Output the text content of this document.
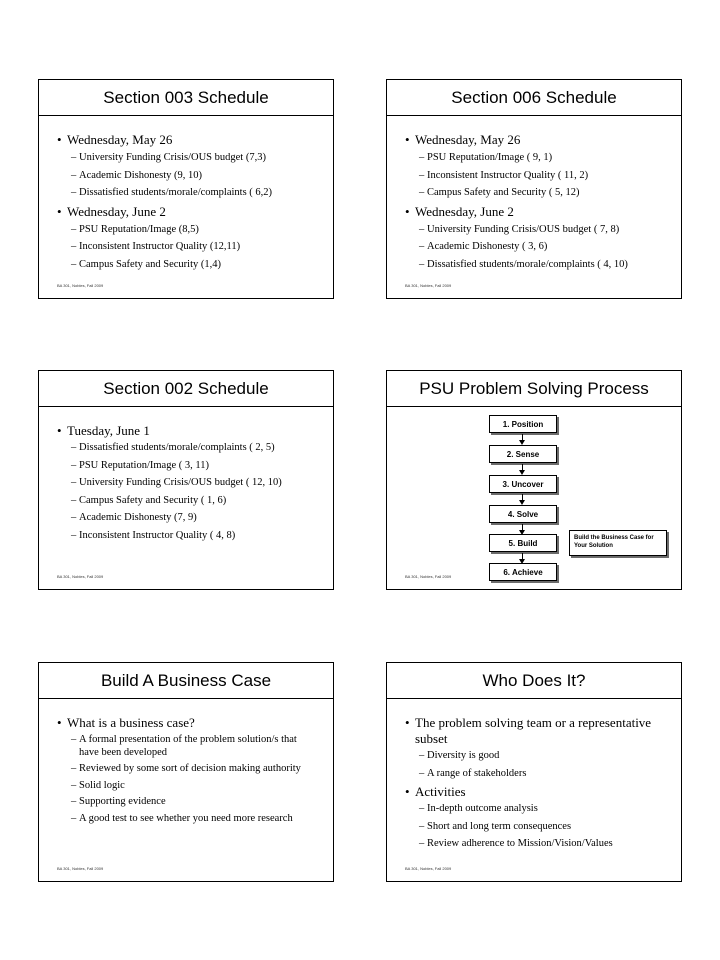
Section 003 Schedule
• Wednesday, May 26
– University Funding Crisis/OUS budget (7,3)
– Academic Dishonesty (9, 10)
– Dissatisfied students/morale/complaints ( 6,2)
• Wednesday, June 2
– PSU Reputation/Image (8,5)
– Inconsistent Instructor Quality (12,11)
– Campus Safety and Security (1,4)
BA 301, Nobles, Fall 2009
Section 006 Schedule
• Wednesday, May 26
– PSU Reputation/Image ( 9, 1)
– Inconsistent Instructor Quality ( 11, 2)
– Campus Safety and Security ( 5, 12)
• Wednesday, June 2
– University Funding Crisis/OUS budget ( 7, 8)
– Academic Dishonesty ( 3, 6)
– Dissatisfied students/morale/complaints ( 4, 10)
BA 301, Nobles, Fall 2009
Section 002 Schedule
• Tuesday, June 1
– Dissatisfied students/morale/complaints ( 2, 5)
– PSU Reputation/Image ( 3, 11)
– University Funding Crisis/OUS budget ( 12, 10)
– Campus Safety and Security ( 1, 6)
– Academic Dishonesty (7, 9)
– Inconsistent Instructor Quality ( 4, 8)
BA 301, Nobles, Fall 2009
PSU Problem Solving Process
1. Position
2. Sense
3. Uncover
4. Solve
5. Build
Build the Business Case for Your Solution
6. Achieve
BA 301, Nobles, Fall 2009
Build A Business Case
• What is a business case?
– A formal presentation of the problem solution/s that have been developed
– Reviewed by some sort of decision making authority
– Solid logic
– Supporting evidence
– A good test to see whether you need more research
BA 301, Nobles, Fall 2009
Who Does It?
• The problem solving team or a representative subset
– Diversity is good
– A range of stakeholders
• Activities
– In-depth outcome analysis
– Short and long term consequences
– Review adherence to Mission/Vision/Values
BA 301, Nobles, Fall 2009
